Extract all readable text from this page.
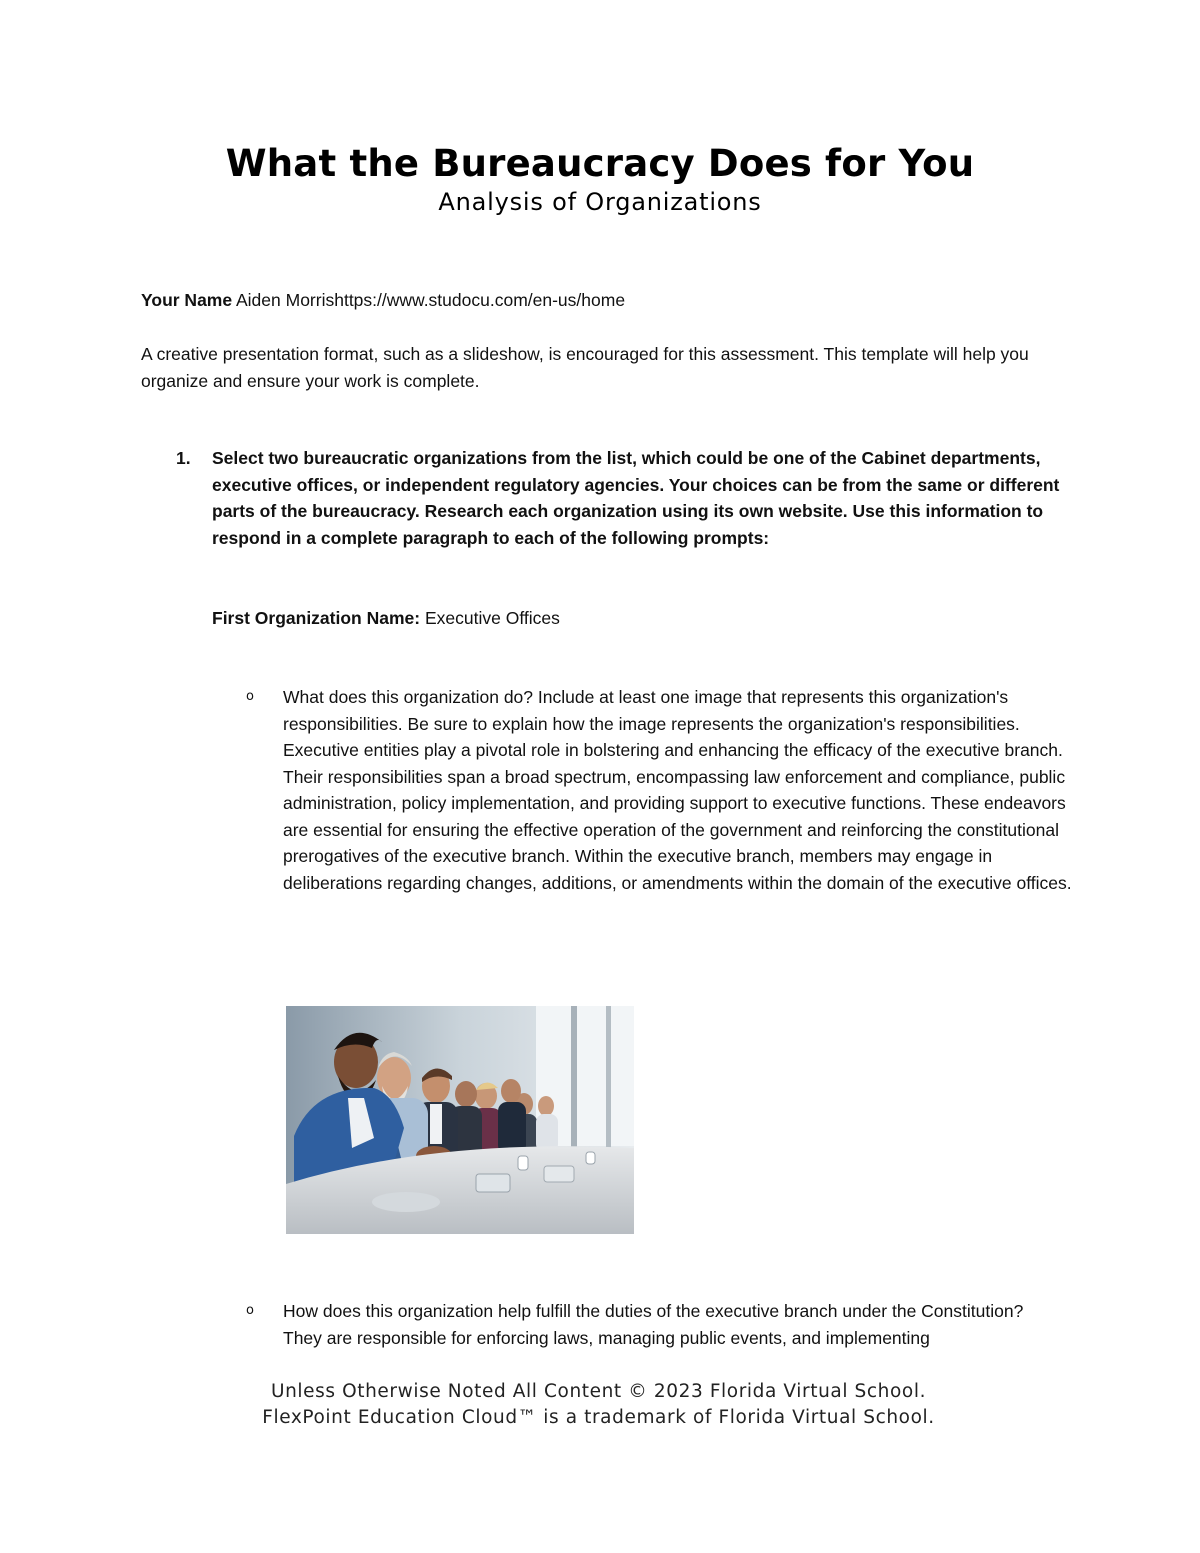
What the Bureaucracy Does for You
Analysis of Organizations
Your Name Aiden Morrishttps://www.studocu.com/en-us/home

A creative presentation format, such as a slideshow, is encouraged for this assessment. This template will help you organize and ensure your work is complete.

1. Select two bureaucratic organizations from the list, which could be one of the Cabinet departments, executive offices, or independent regulatory agencies. Your choices can be from the same or different parts of the bureaucracy. Research each organization using its own website. Use this information to respond in a complete paragraph to each of the following prompts:

First Organization Name: Executive Offices
o What does this organization do? Include at least one image that represents this organization's responsibilities. Be sure to explain how the image represents the organization's responsibilities.

Executive entities play a pivotal role in bolstering and enhancing the efficacy of the executive branch. Their responsibilities span a broad spectrum, encompassing law enforcement and compliance, public administration, policy implementation, and providing support to executive functions. These endeavors are essential for ensuring the effective operation of the government and reinforcing the constitutional prerogatives of the executive branch. Within the executive branch, members may engage in deliberations regarding changes, additions, or amendments within the domain of the executive offices.

o How does this organization help fulfill the duties of the executive branch under the Constitution?

They are responsible for enforcing laws, managing public events, and implementing

Unless Otherwise Noted All Content © 2023 Florida Virtual School.
FlexPoint Education Cloud™ is a trademark of Florida Virtual School.
